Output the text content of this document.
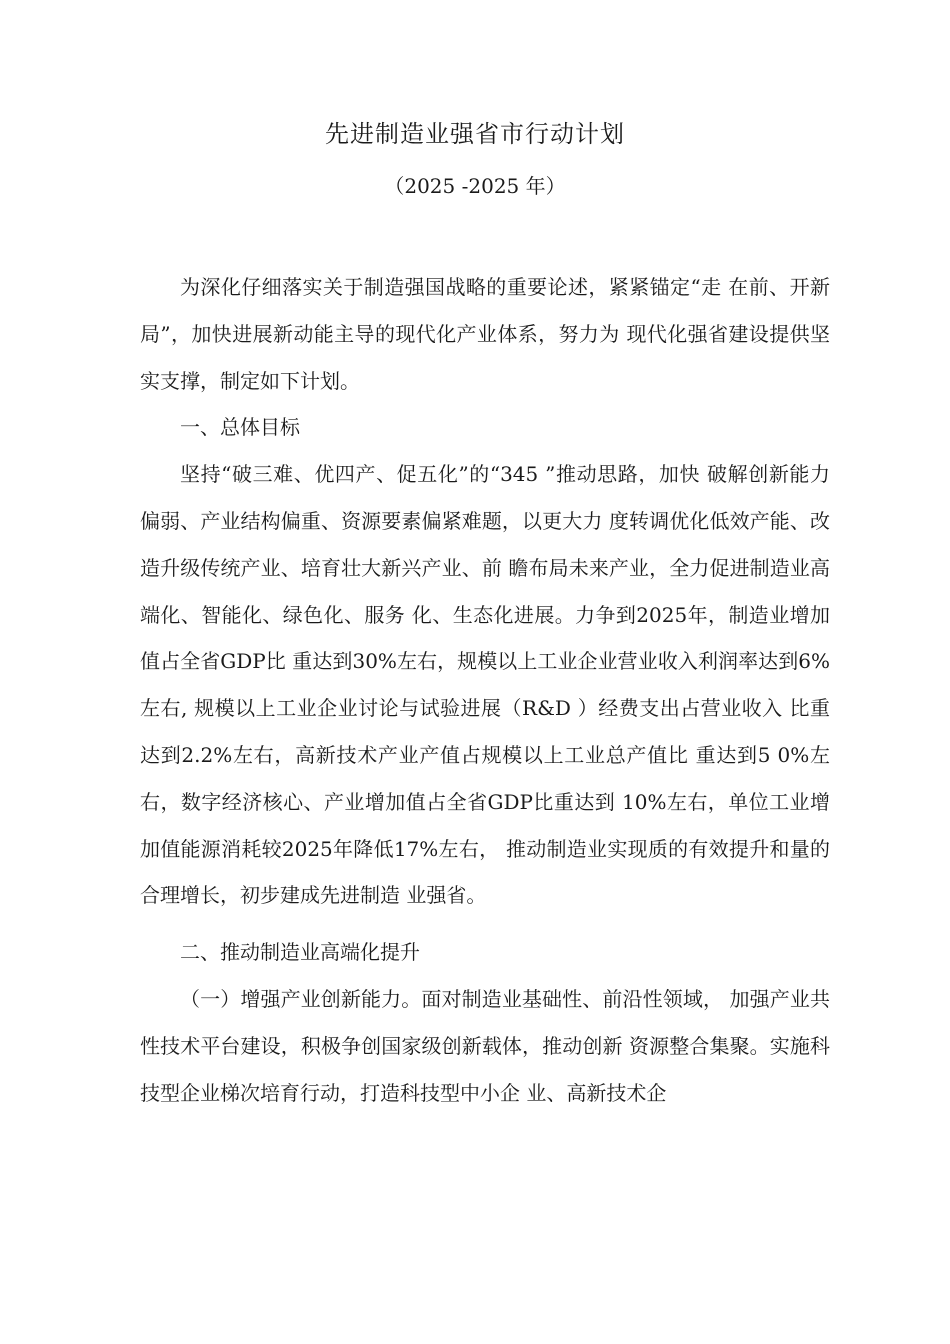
先进制造业强省市行动计划
（2025 -2025 年）

为深化仔细落实关于制造强国战略的重要论述，紧紧锚定“走 在前、开新局”，加快进展新动能主导的现代化产业体系，努力为 现代化强省建设提供坚实支撑，制定如下计划。

一、总体目标

坚持“破三难、优四产、促五化”的“345 ”推动思路，加快 破解创新能力偏弱、产业结构偏重、资源要素偏紧难题，以更大力 度转调优化低效产能、改造升级传统产业、培育壮大新兴产业、前 瞻布局未来产业，全力促进制造业高端化、智能化、绿色化、服务 化、生态化进展。力争到2025年，制造业增加值占全省GDP比 重达到30%左右，规模以上工业企业营业收入利润率达到6%左右, 规模以上工业企业讨论与试验进展（R&D ）经费支出占营业收入 比重达到2.2%左右，高新技术产业产值占规模以上工业总产值比 重达到5 0%左右，数字经济核心、产业增加值占全省GDP比重达到 10%左右，单位工业增加值能源消耗较2025年降低17%左右， 推动制造业实现质的有效提升和量的合理增长，初步建成先进制造 业强省。

二、推动制造业高端化提升

（一）增强产业创新能力。面对制造业基础性、前沿性领域， 加强产业共性技术平台建设，积极争创国家级创新载体，推动创新 资源整合集聚。实施科技型企业梯次培育行动，打造科技型中小企 业、高新技术企
